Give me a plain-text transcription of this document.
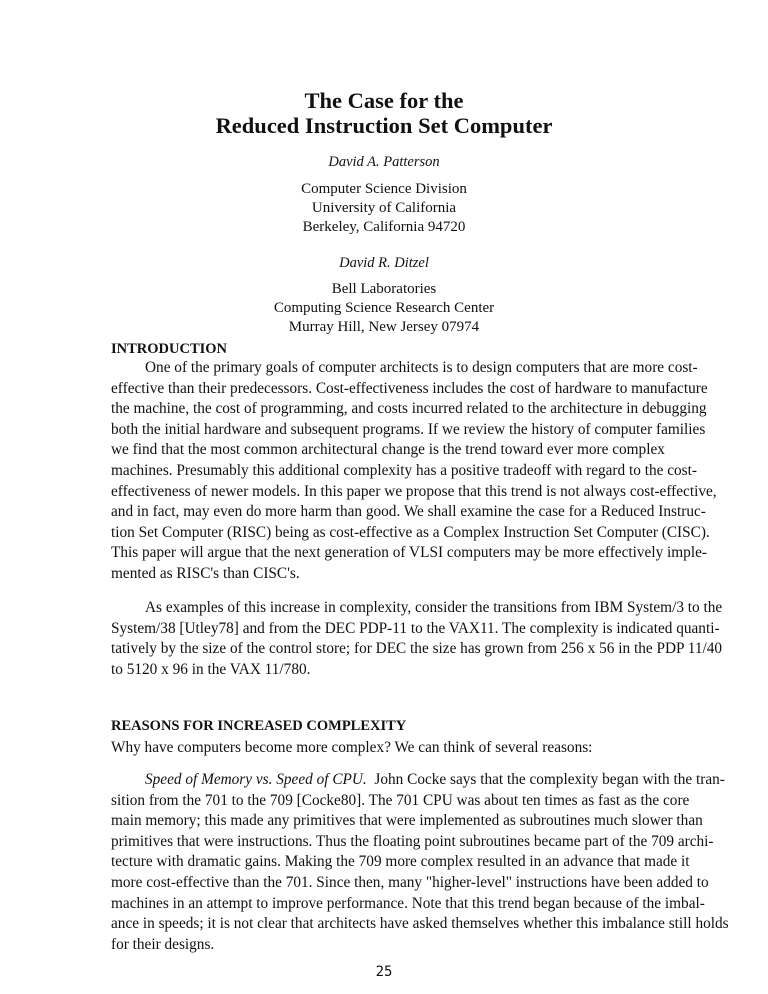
The Case for the
Reduced Instruction Set Computer
David A. Patterson
Computer Science Division
University of California
Berkeley, California 94720
David R. Ditzel
Bell Laboratories
Computing Science Research Center
Murray Hill, New Jersey 07974
INTRODUCTION
One of the primary goals of computer architects is to design computers that are more cost-
effective than their predecessors. Cost-effectiveness includes the cost of hardware to manufacture
the machine, the cost of programming, and costs incurred related to the architecture in debugging
both the initial hardware and subsequent programs. If we review the history of computer families
we find that the most common architectural change is the trend toward ever more complex
machines. Presumably this additional complexity has a positive tradeoff with regard to the cost-
effectiveness of newer models. In this paper we propose that this trend is not always cost-effective,
and in fact, may even do more harm than good. We shall examine the case for a Reduced Instruc-
tion Set Computer (RISC) being as cost-effective as a Complex Instruction Set Computer (CISC).
This paper will argue that the next generation of VLSI computers may be more effectively imple-
mented as RISC's than CISC's.
As examples of this increase in complexity, consider the transitions from IBM System/3 to the
System/38 [Utley78] and from the DEC PDP-11 to the VAX11. The complexity is indicated quanti-
tatively by the size of the control store; for DEC the size has grown from 256 x 56 in the PDP 11/40
to 5120 x 96 in the VAX 11/780.
REASONS FOR INCREASED COMPLEXITY
Why have computers become more complex? We can think of several reasons:
Speed of Memory vs. Speed of CPU. John Cocke says that the complexity began with the tran-
sition from the 701 to the 709 [Cocke80]. The 701 CPU was about ten times as fast as the core
main memory; this made any primitives that were implemented as subroutines much slower than
primitives that were instructions. Thus the floating point subroutines became part of the 709 archi-
tecture with dramatic gains. Making the 709 more complex resulted in an advance that made it
more cost-effective than the 701. Since then, many "higher-level" instructions have been added to
machines in an attempt to improve performance. Note that this trend began because of the imbal-
ance in speeds; it is not clear that architects have asked themselves whether this imbalance still holds
for their designs.
25
